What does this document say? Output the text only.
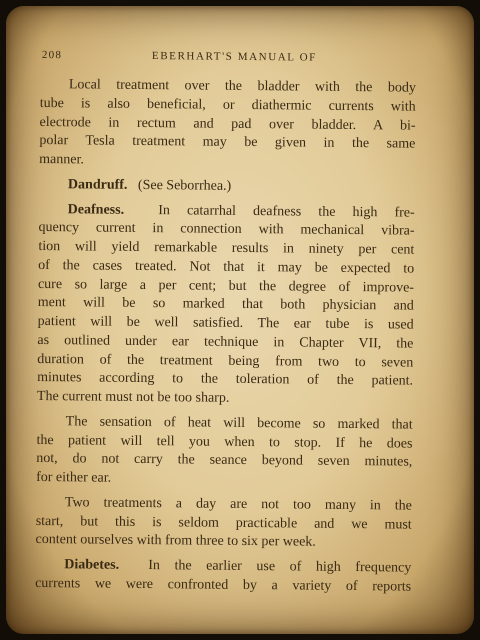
208	EBERHART'S MANUAL OF
Local treatment over the bladder with the body
tube is also beneficial, or diathermic currents with
electrode in rectum and pad over bladder. A bi-
polar Tesla treatment may be given in the same
manner.
Dandruff. (See Seborrhea.)
Deafness. In catarrhal deafness the high fre-
quency current in connection with mechanical vibra-
tion will yield remarkable results in ninety per cent
of the cases treated. Not that it may be expected to
cure so large a per cent; but the degree of improve-
ment will be so marked that both physician and
patient will be well satisfied. The ear tube is used
as outlined under ear technique in Chapter VII, the
duration of the treatment being from two to seven
minutes according to the toleration of the patient.
The current must not be too sharp.
The sensation of heat will become so marked that
the patient will tell you when to stop. If he does
not, do not carry the seance beyond seven minutes,
for either ear.
Two treatments a day are not too many in the
start, but this is seldom practicable and we must
content ourselves with from three to six per week.
Diabetes. In the earlier use of high frequency
currents we were confronted by a variety of reports
